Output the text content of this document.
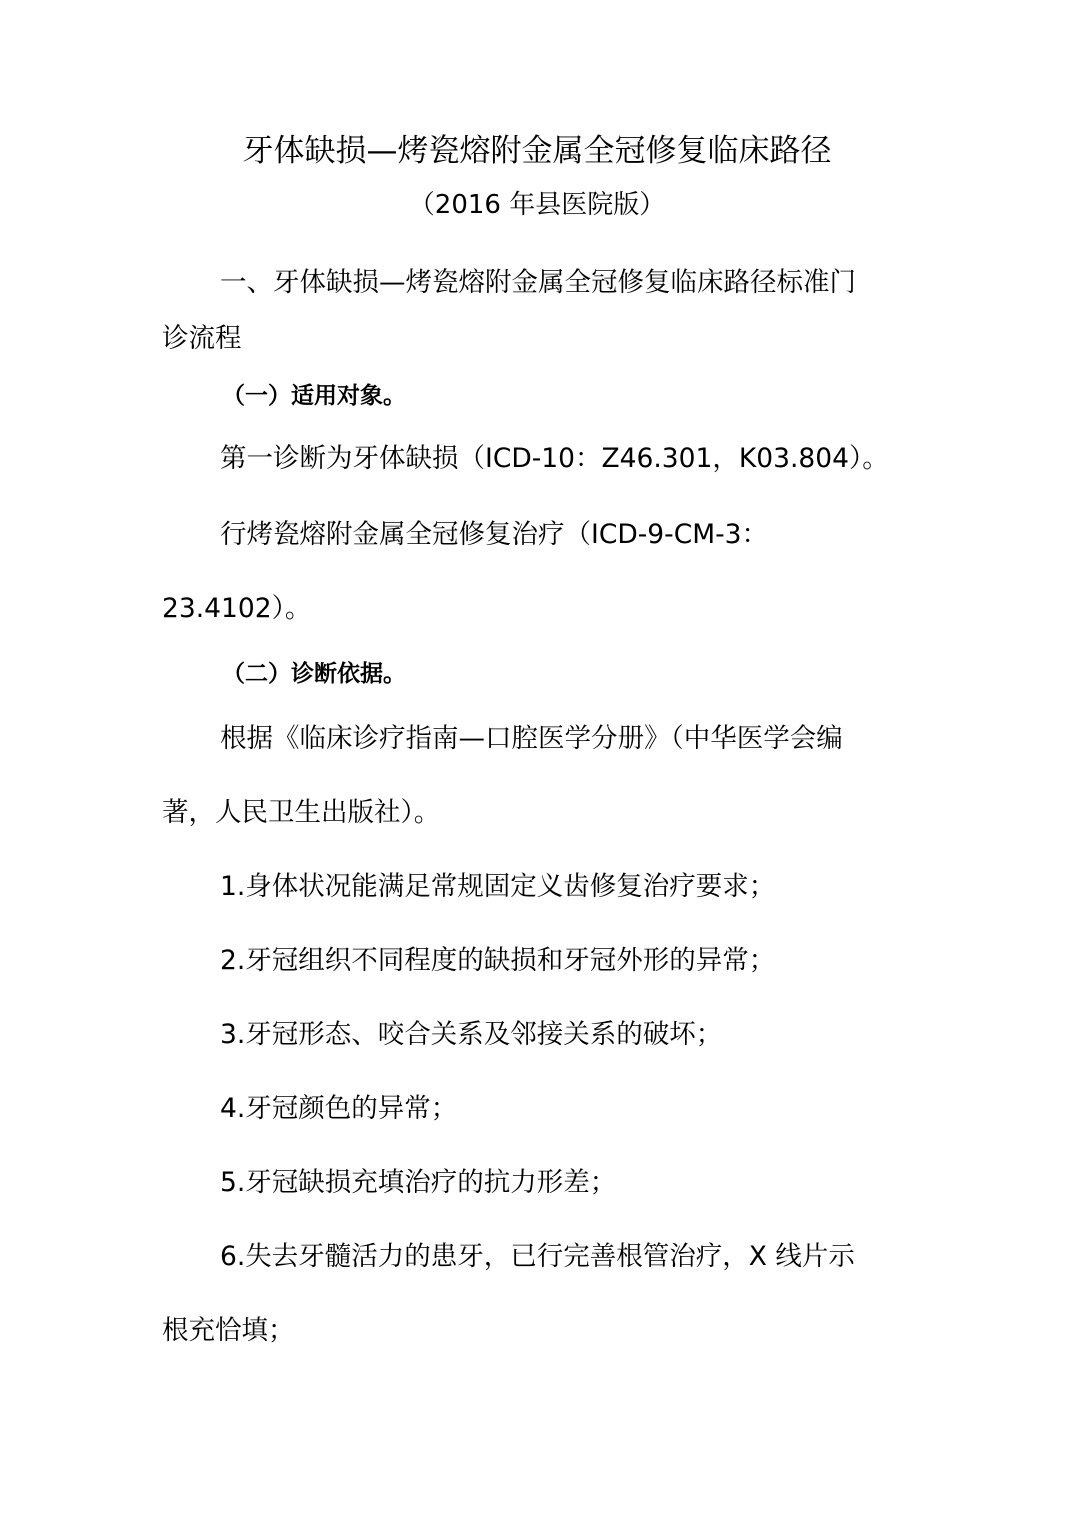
牙体缺损—烤瓷熔附金属全冠修复临床路径
（2016 年县医院版）
一、牙体缺损—烤瓷熔附金属全冠修复临床路径标准门
诊流程
（一）适用对象。
第一诊断为牙体缺损（ICD-10：Z46.301，K03.804）。
行烤瓷熔附金属全冠修复治疗（ICD-9-CM-3：
23.4102）。
（二）诊断依据。
根据《临床诊疗指南—口腔医学分册》（中华医学会编
著，人民卫生出版社）。
1.身体状况能满足常规固定义齿修复治疗要求；
2.牙冠组织不同程度的缺损和牙冠外形的异常；
3.牙冠形态、咬合关系及邻接关系的破坏；
4.牙冠颜色的异常；
5.牙冠缺损充填治疗的抗力形差；
6.失去牙髓活力的患牙，已行完善根管治疗，X 线片示
根充恰填；
